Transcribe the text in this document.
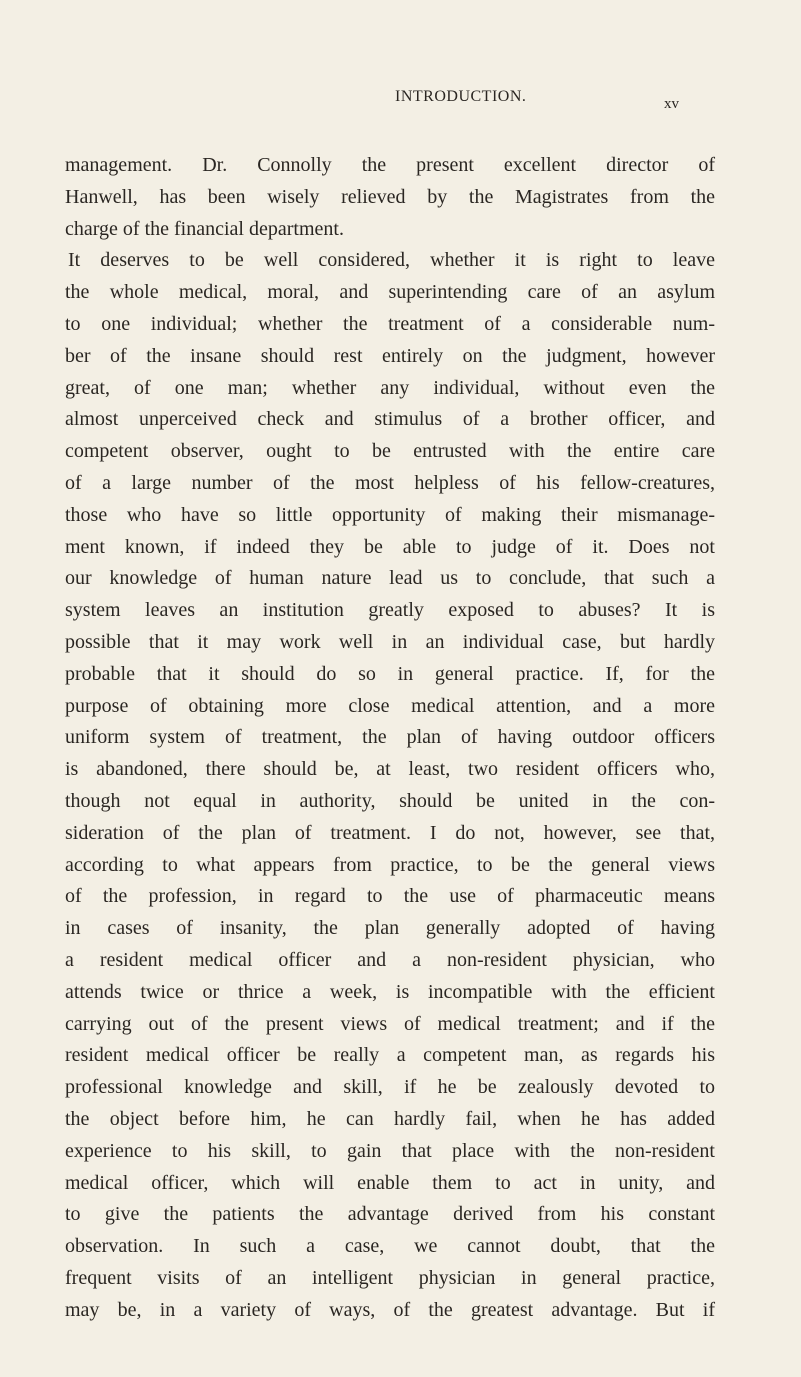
INTRODUCTION.	xv
management. Dr. Connolly the present excellent director of
Hanwell, has been wisely relieved by the Magistrates from the
charge of the financial department.
It deserves to be well considered, whether it is right to leave
the whole medical, moral, and superintending care of an asylum
to one individual; whether the treatment of a considerable num-
ber of the insane should rest entirely on the judgment, however
great, of one man; whether any individual, without even the
almost unperceived check and stimulus of a brother officer, and
competent observer, ought to be entrusted with the entire care
of a large number of the most helpless of his fellow-creatures,
those who have so little opportunity of making their mismanage-
ment known, if indeed they be able to judge of it. Does not
our knowledge of human nature lead us to conclude, that such a
system leaves an institution greatly exposed to abuses? It is
possible that it may work well in an individual case, but hardly
probable that it should do so in general practice. If, for the
purpose of obtaining more close medical attention, and a more
uniform system of treatment, the plan of having outdoor officers
is abandoned, there should be, at least, two resident officers who,
though not equal in authority, should be united in the con-
sideration of the plan of treatment. I do not, however, see that,
according to what appears from practice, to be the general views
of the profession, in regard to the use of pharmaceutic means
in cases of insanity, the plan generally adopted of having
a resident medical officer and a non-resident physician, who
attends twice or thrice a week, is incompatible with the efficient
carrying out of the present views of medical treatment; and if the
resident medical officer be really a competent man, as regards his
professional knowledge and skill, if he be zealously devoted to
the object before him, he can hardly fail, when he has added
experience to his skill, to gain that place with the non-resident
medical officer, which will enable them to act in unity, and
to give the patients the advantage derived from his constant
observation. In such a case, we cannot doubt, that the
frequent visits of an intelligent physician in general practice,
may be, in a variety of ways, of the greatest advantage. But if
